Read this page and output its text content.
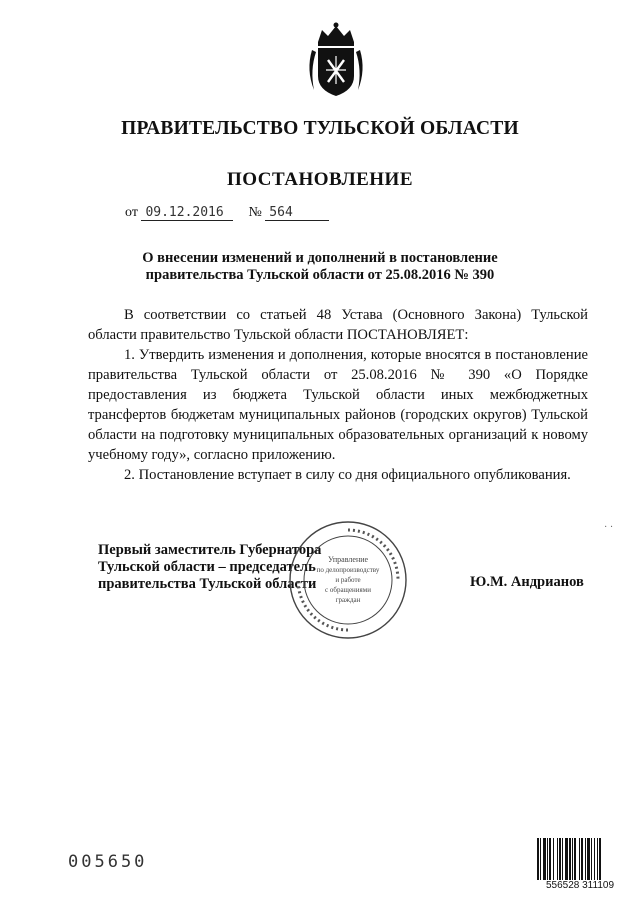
ПРАВИТЕЛЬСТВО ТУЛЬСКОЙ ОБЛАСТИ
ПОСТАНОВЛЕНИЕ
от 09.12.2016 № 564
О внесении изменений и дополнений в постановление
правительства Тульской области от 25.08.2016 № 390

В соответствии со статьей 48 Устава (Основного Закона) Тульской области правительство Тульской области ПОСТАНОВЛЯЕТ:

1. Утвердить изменения и дополнения, которые вносятся в постановление правительства Тульской области от 25.08.2016 № 390 «О Порядке предоставления из бюджета Тульской области иных межбюджетных трансфертов бюджетам муниципальных районов (городских округов) Тульской области на подготовку муниципальных образовательных организаций к новому учебному году», согласно приложению.

2. Постановление вступает в силу со дня официального опубликования.

Первый заместитель Губернатора
Тульской области – председатель
правительства Тульской области	Ю.М. Андрианов
Управление
по делопроизводству
и работе
с обращениями
граждан
· ·
005650
556528 311109
